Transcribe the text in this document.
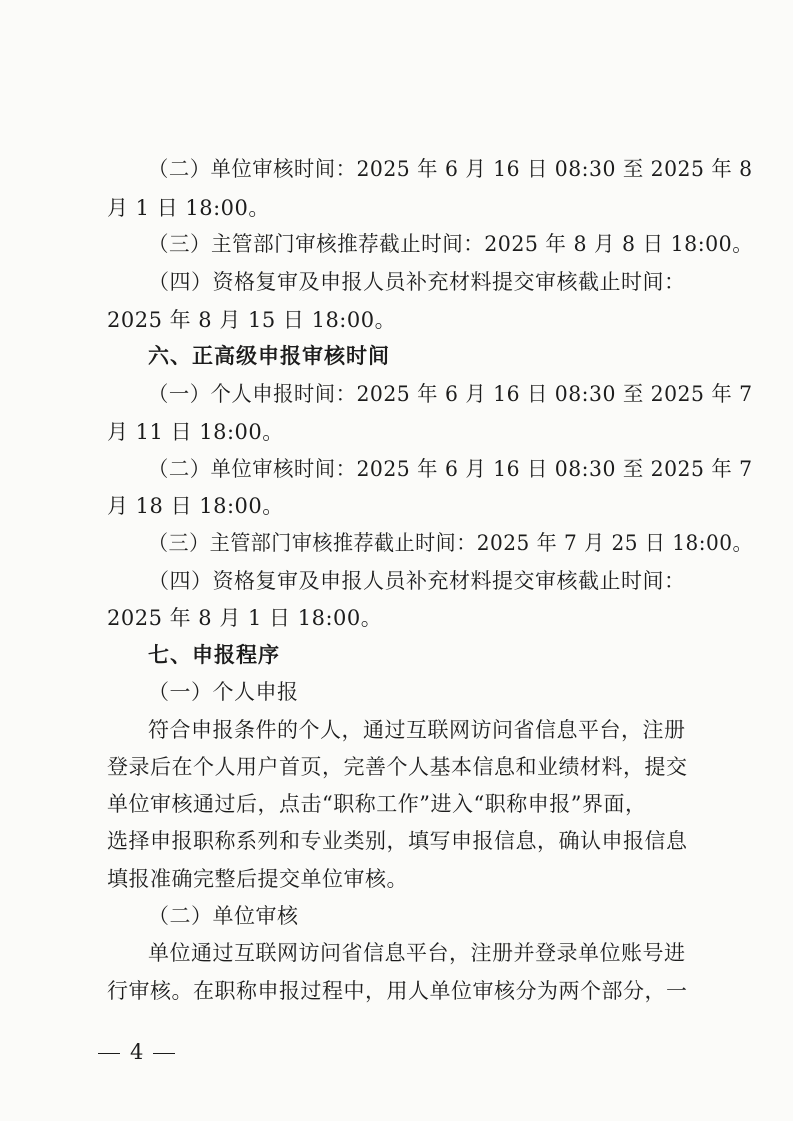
（二）单位审核时间：2025 年 6 月 16 日 08:30 至 2025 年 8
月 1 日 18:00。
（三）主管部门审核推荐截止时间：2025 年 8 月 8 日 18:00。
（四）资格复审及申报人员补充材料提交审核截止时间：
2025 年 8 月 15 日 18:00。
六、正高级申报审核时间
（一）个人申报时间：2025 年 6 月 16 日 08:30 至 2025 年 7
月 11 日 18:00。
（二）单位审核时间：2025 年 6 月 16 日 08:30 至 2025 年 7
月 18 日 18:00。
（三）主管部门审核推荐截止时间：2025 年 7 月 25 日 18:00。
（四）资格复审及申报人员补充材料提交审核截止时间：
2025 年 8 月 1 日 18:00。
七、申报程序
（一）个人申报
符合申报条件的个人，通过互联网访问省信息平台，注册
登录后在个人用户首页，完善个人基本信息和业绩材料，提交
单位审核通过后，点击“职称工作”进入“职称申报”界面，
选择申报职称系列和专业类别，填写申报信息，确认申报信息
填报准确完整后提交单位审核。
（二）单位审核
单位通过互联网访问省信息平台，注册并登录单位账号进
行审核。在职称申报过程中，用人单位审核分为两个部分，一
4
